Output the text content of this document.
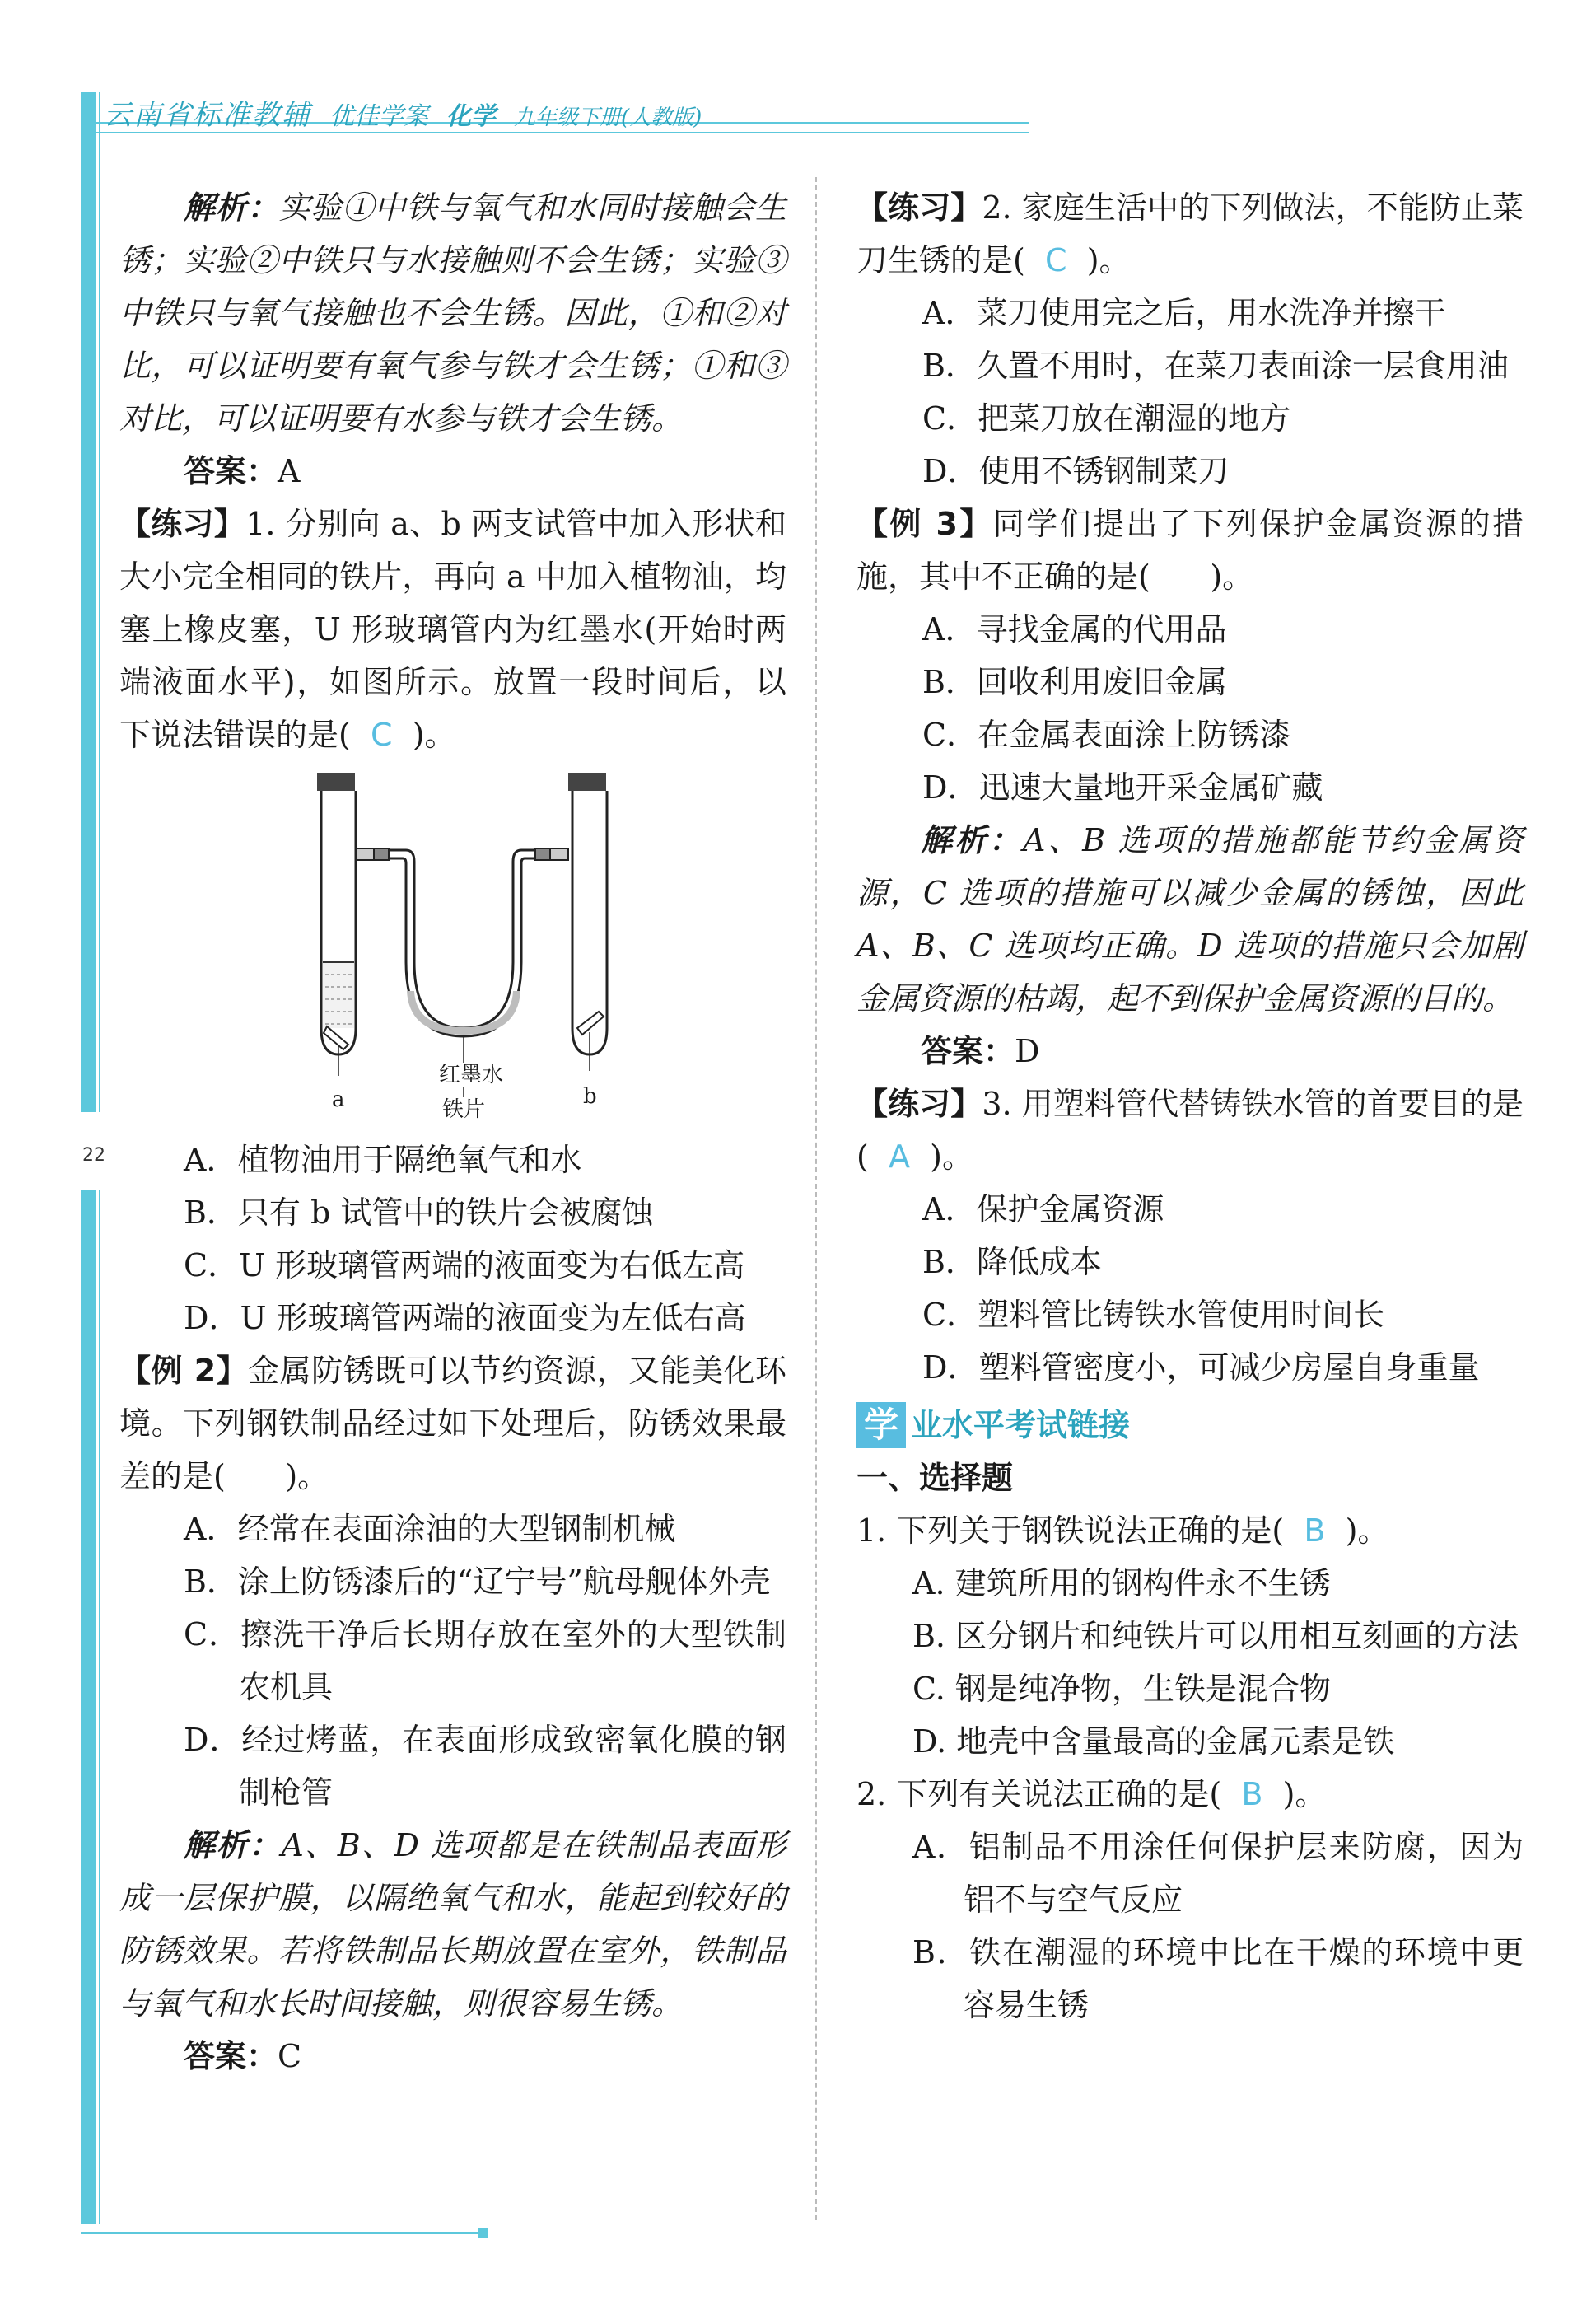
22
云南省标准教辅 优佳学案 化学 九年级下册(人教版)

解析：实验①中铁与氧气和水同时接触会生锈；实验②中铁只与水接触则不会生锈；实验③中铁只与氧气接触也不会生锈。因此，①和②对比，可以证明要有氧气参与铁才会生锈；①和③对比，可以证明要有水参与铁才会生锈。

答案：A

【练习】1. 分别向 a、b 两支试管中加入形状和大小完全相同的铁片，再向 a 中加入植物油，均塞上橡皮塞，U 形玻璃管内为红墨水(开始时两端液面水平)，如图所示。放置一段时间后，以下说法错误的是( C )。

红墨水
a	b
铁片

A．植物油用于隔绝氧气和水

B．只有 b 试管中的铁片会被腐蚀

C．U 形玻璃管两端的液面变为右低左高

D．U 形玻璃管两端的液面变为左低右高

【例 2】金属防锈既可以节约资源，又能美化环境。下列钢铁制品经过如下处理后，防锈效果最差的是( )。

A．经常在表面涂油的大型钢制机械

B．涂上防锈漆后的“辽宁号”航母舰体外壳

C．擦洗干净后长期存放在室外的大型铁制农机具

D．经过烤蓝，在表面形成致密氧化膜的钢制枪管

解析：A、B、D 选项都是在铁制品表面形成一层保护膜，以隔绝氧气和水，能起到较好的防锈效果。若将铁制品长期放置在室外，铁制品与氧气和水长时间接触，则很容易生锈。

答案：C

【练习】2. 家庭生活中的下列做法，不能防止菜刀生锈的是( C )。

A．菜刀使用完之后，用水洗净并擦干

B．久置不用时，在菜刀表面涂一层食用油

C．把菜刀放在潮湿的地方

D．使用不锈钢制菜刀

【例 3】同学们提出了下列保护金属资源的措施，其中不正确的是( )。

A．寻找金属的代用品

B．回收利用废旧金属

C．在金属表面涂上防锈漆

D．迅速大量地开采金属矿藏

解析：A、B 选项的措施都能节约金属资源，C 选项的措施可以减少金属的锈蚀，因此 A、B、C 选项均正确。D 选项的措施只会加剧金属资源的枯竭，起不到保护金属资源的目的。

答案：D

【练习】3. 用塑料管代替铸铁水管的首要目的是( A )。

A．保护金属资源

B．降低成本

C．塑料管比铸铁水管使用时间长

D．塑料管密度小，可减少房屋自身重量

学 业水平考试链接

一、选择题

1. 下列关于钢铁说法正确的是( B )。

A. 建筑所用的钢构件永不生锈

B. 区分钢片和纯铁片可以用相互刻画的方法

C. 钢是纯净物，生铁是混合物

D. 地壳中含量最高的金属元素是铁

2. 下列有关说法正确的是( B )。

A．铝制品不用涂任何保护层来防腐，因为铝不与空气反应

B．铁在潮湿的环境中比在干燥的环境中更容易生锈
